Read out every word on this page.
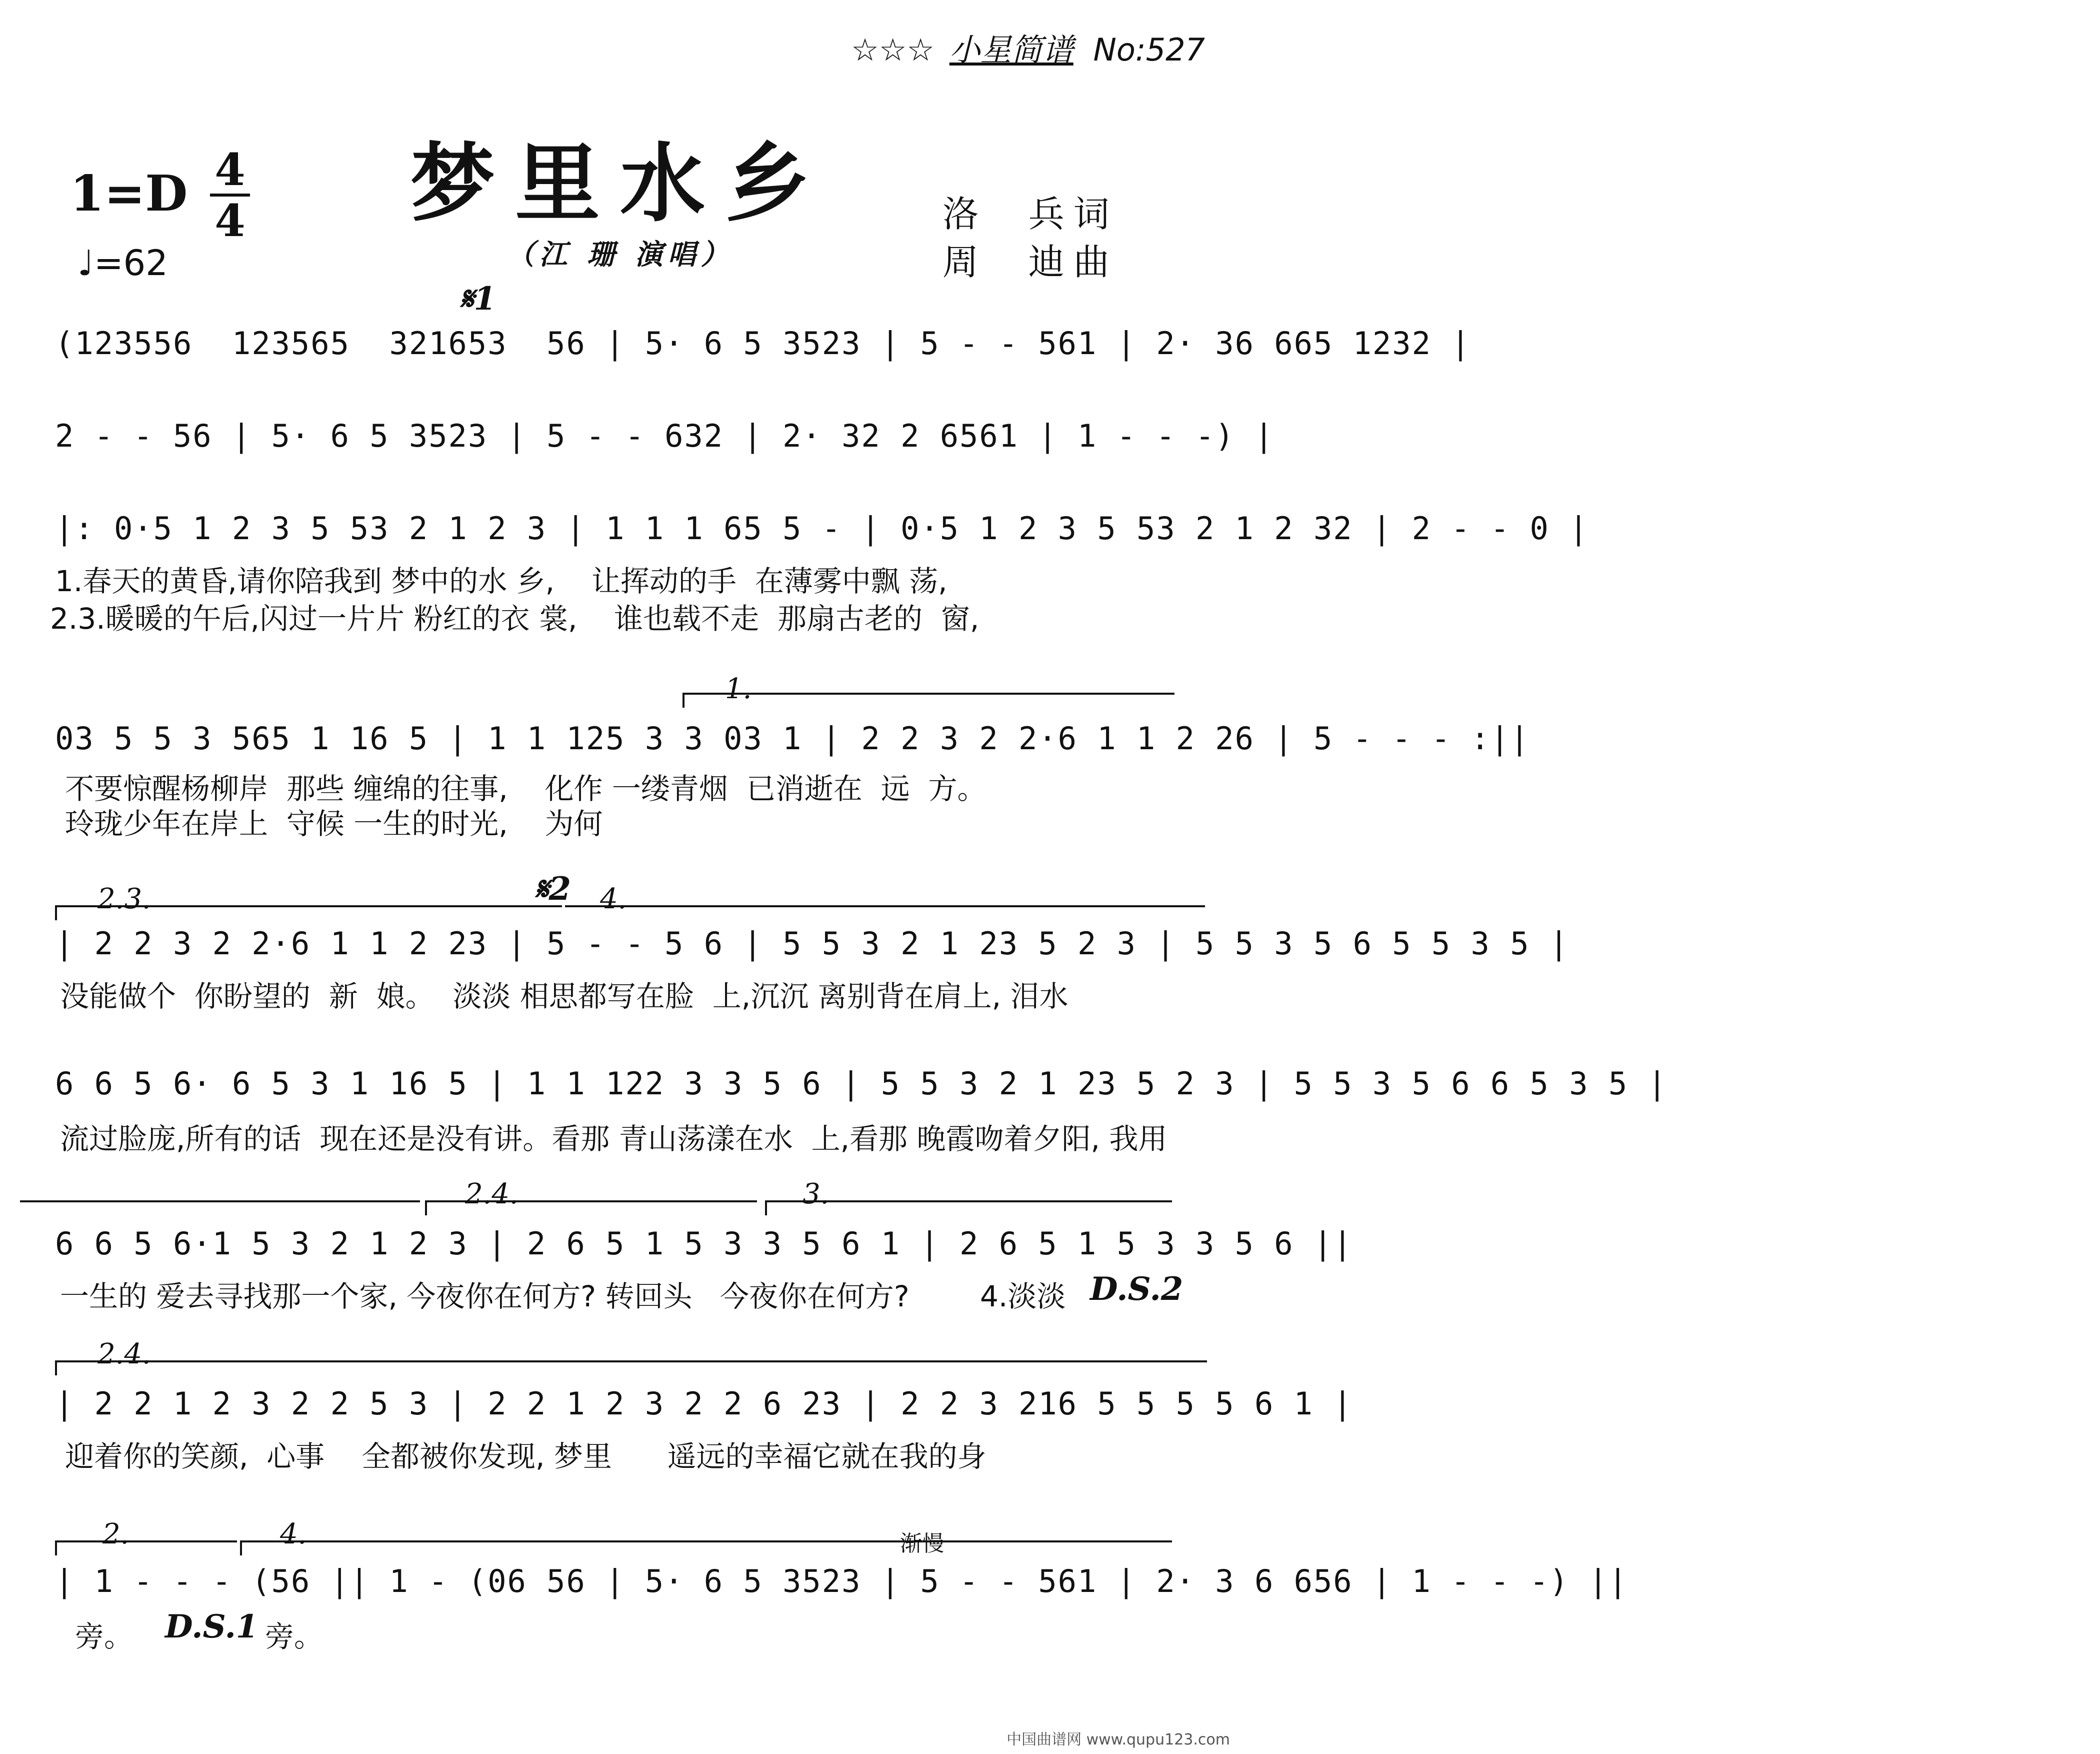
☆☆☆ 小星简谱 No:527
梦里水乡
（江 珊 演唱）
1=D 4
4
♩=62
洛  兵词
周  迪曲
𝄋1
(123556  123565  321653  56 | 5· 6 5 3523 | 5 - - 561 | 2· 36 665 1232 |
2 - - 56 | 5· 6 5 3523 | 5 - - 632 | 2· 32 2 6561 | 1 - - -) |
|: 0·5 1 2 3 5 53 2 1 2 3 | 1 1 1 65 5 - | 0·5 1 2 3 5 53 2 1 2 32 | 2 - - 0 |
1.春天的黄昏,请你陪我到 梦中的水 乡,    让挥动的手  在薄雾中飘 荡,
2.3.暖暖的午后,闪过一片片 粉红的衣 裳,    谁也载不走  那扇古老的  窗,
1.
03 5 5 3 565 1 16 5 | 1 1 125 3 3 03 1 | 2 2 3 2 2·6 1 1 2 26 | 5 - - - :||
不要惊醒杨柳岸  那些 缠绵的往事,    化作 一缕青烟  已消逝在  远  方。
玲珑少年在岸上  守候 一生的时光,    为何
2.3.	𝄋2 4.
| 2 2 3 2 2·6 1 1 2 23 | 5 - - 5 6 | 5 5 3 2 1 23 5 2 3 | 5 5 3 5 6 5 5 3 5 |
没能做个  你盼望的  新  娘。  淡淡 相思都写在脸  上,沉沉 离别背在肩上, 泪水
6 6 5 6· 6 5 3 1 16 5 | 1 1 122 3 3 5 6 | 5 5 3 2 1 23 5 2 3 | 5 5 3 5 6 6 5 3 5 |
流过脸庞,所有的话  现在还是没有讲。看那 青山荡漾在水  上,看那 晚霞吻着夕阳, 我用
2.4.	3.
6 6 5 6·1 5 3 2 1 2 3 | 2 6 5 1 5 3 3 5 6 1 | 2 6 5 1 5 3 3 5 6 ||
一生的 爱去寻找那一个家, 今夜你在何方? 转回头   今夜你在何方?	4.淡淡 D.S.2
2.4.
| 2 2 1 2 3 2 2 5 3 | 2 2 1 2 3 2 2 6 23 | 2 2 3 216 5 5 5 5 6 1 |
迎着你的笑颜,  心事    全都被你发现, 梦里      遥远的幸福它就在我的身
2.	4.	渐慢
| 1 - - - (56 || 1 - (06 56 | 5· 6 5 3523 | 5 - - 561 | 2· 3 6 656 | 1 - - -) ||
旁。 D.S.1 旁。
中国曲谱网 www.qupu123.com
